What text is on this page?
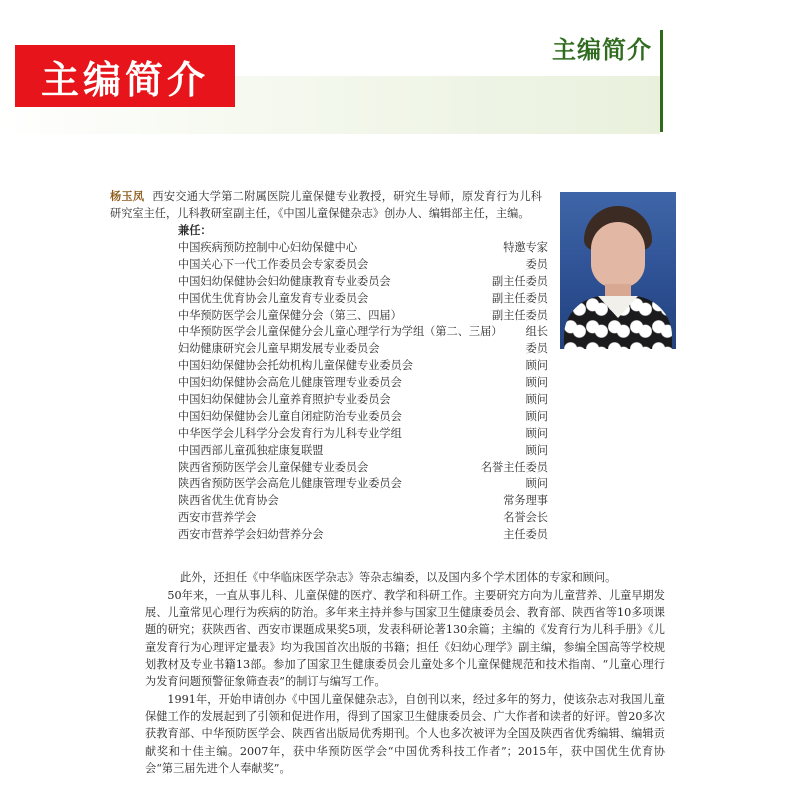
主编简介
主编简介

杨玉凤 西安交通大学第二附属医院儿童保健专业教授，研究生导师，原发育行为儿科研究室主任，儿科教研室副主任，《中国儿童保健杂志》创办人、编辑部主任，主编。

兼任：

中国疾病预防控制中心妇幼保健中心	特邀专家
中国关心下一代工作委员会专家委员会	委员
中国妇幼保健协会妇幼健康教育专业委员会	副主任委员
中国优生优育协会儿童发育专业委员会	副主任委员
中华预防医学会儿童保健分会（第三、四届）	副主任委员
中华预防医学会儿童保健分会儿童心理学行为学组（第二、三届） 组长
妇幼健康研究会儿童早期发展专业委员会	委员
中国妇幼保健协会托幼机构儿童保健专业委员会	顾问
中国妇幼保健协会高危儿健康管理专业委员会	顾问
中国妇幼保健协会儿童养育照护专业委员会	顾问
中国妇幼保健协会儿童自闭症防治专业委员会	顾问
中华医学会儿科学分会发育行为儿科专业学组	顾问
中国西部儿童孤独症康复联盟	顾问
陕西省预防医学会儿童保健专业委员会	名誉主任委员
陕西省预防医学会高危儿健康管理专业委员会	顾问
陕西省优生优育协会	常务理事
西安市营养学会	名誉会长
西安市营养学会妇幼营养分会	主任委员

此外，还担任《中华临床医学杂志》等杂志编委，以及国内多个学术团体的专家和顾问。

50年来，一直从事儿科、儿童保健的医疗、教学和科研工作。主要研究方向为儿童营养、儿童早期发展、儿童常见心理行为疾病的防治。多年来主持并参与国家卫生健康委员会、教育部、陕西省等10多项课题的研究；获陕西省、西安市课题成果奖5项，发表科研论著130余篇；主编的《发育行为儿科手册》《儿童发育行为心理评定量表》均为我国首次出版的书籍；担任《妇幼心理学》副主编，参编全国高等学校规划教材及专业书籍13部。参加了国家卫生健康委员会儿童处多个儿童保健规范和技术指南、“儿童心理行为发育问题预警征象筛查表”的制订与编写工作。

1991年，开始申请创办《中国儿童保健杂志》，自创刊以来，经过多年的努力，使该杂志对我国儿童保健工作的发展起到了引领和促进作用，得到了国家卫生健康委员会、广大作者和读者的好评。曾20多次获教育部、中华预防医学会、陕西省出版局优秀期刊。个人也多次被评为全国及陕西省优秀编辑、编辑贡献奖和十佳主编。2007年，获中华预防医学会“中国优秀科技工作者”；2015年，获中国优生优育协会“第三届先进个人奉献奖”。
